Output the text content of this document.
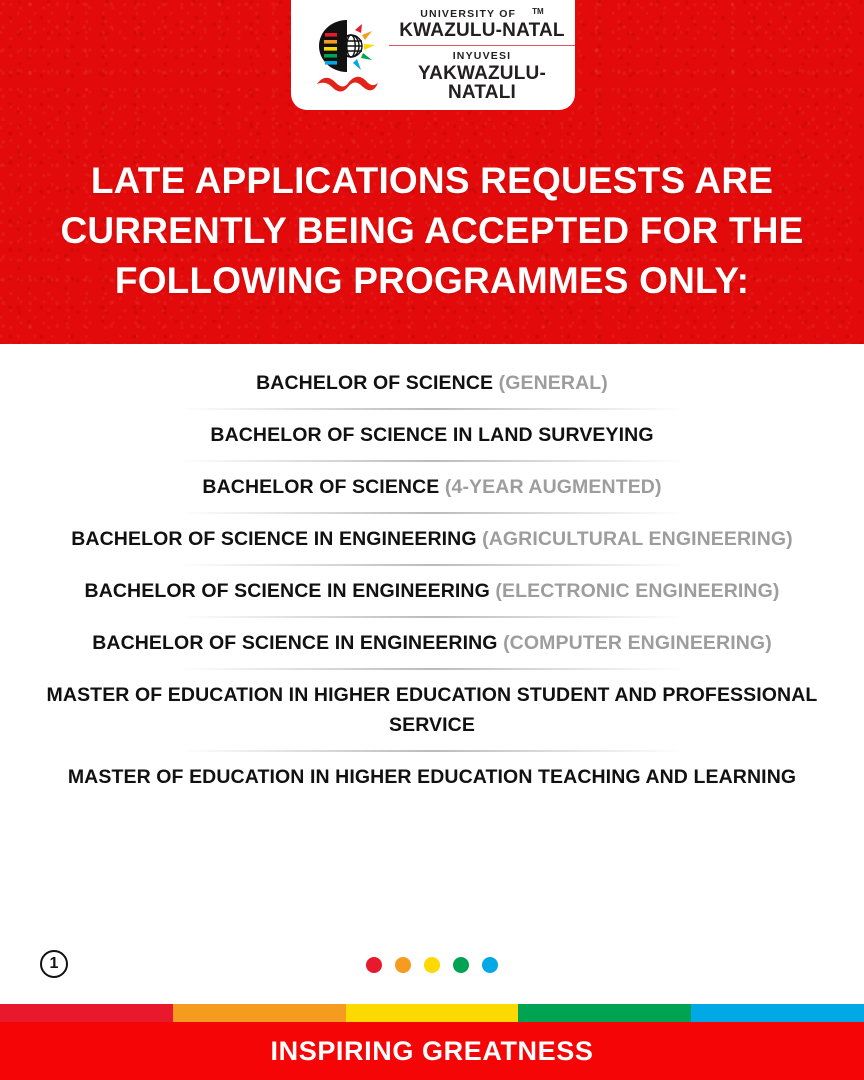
UNIVERSITY OF TM
KWAZULU-NATAL
INYUVESI
YAKWAZULU-NATALI
LATE APPLICATIONS REQUESTS ARE CURRENTLY BEING ACCEPTED FOR THE FOLLOWING PROGRAMMES ONLY:
BACHELOR OF SCIENCE (GENERAL)
BACHELOR OF SCIENCE IN LAND SURVEYING
BACHELOR OF SCIENCE (4-YEAR AUGMENTED)
BACHELOR OF SCIENCE IN ENGINEERING (AGRICULTURAL ENGINEERING)
BACHELOR OF SCIENCE IN ENGINEERING (ELECTRONIC ENGINEERING)
BACHELOR OF SCIENCE IN ENGINEERING (COMPUTER ENGINEERING)
MASTER OF EDUCATION IN HIGHER EDUCATION STUDENT AND PROFESSIONAL SERVICE
MASTER OF EDUCATION IN HIGHER EDUCATION TEACHING AND LEARNING
1
INSPIRING GREATNESS
